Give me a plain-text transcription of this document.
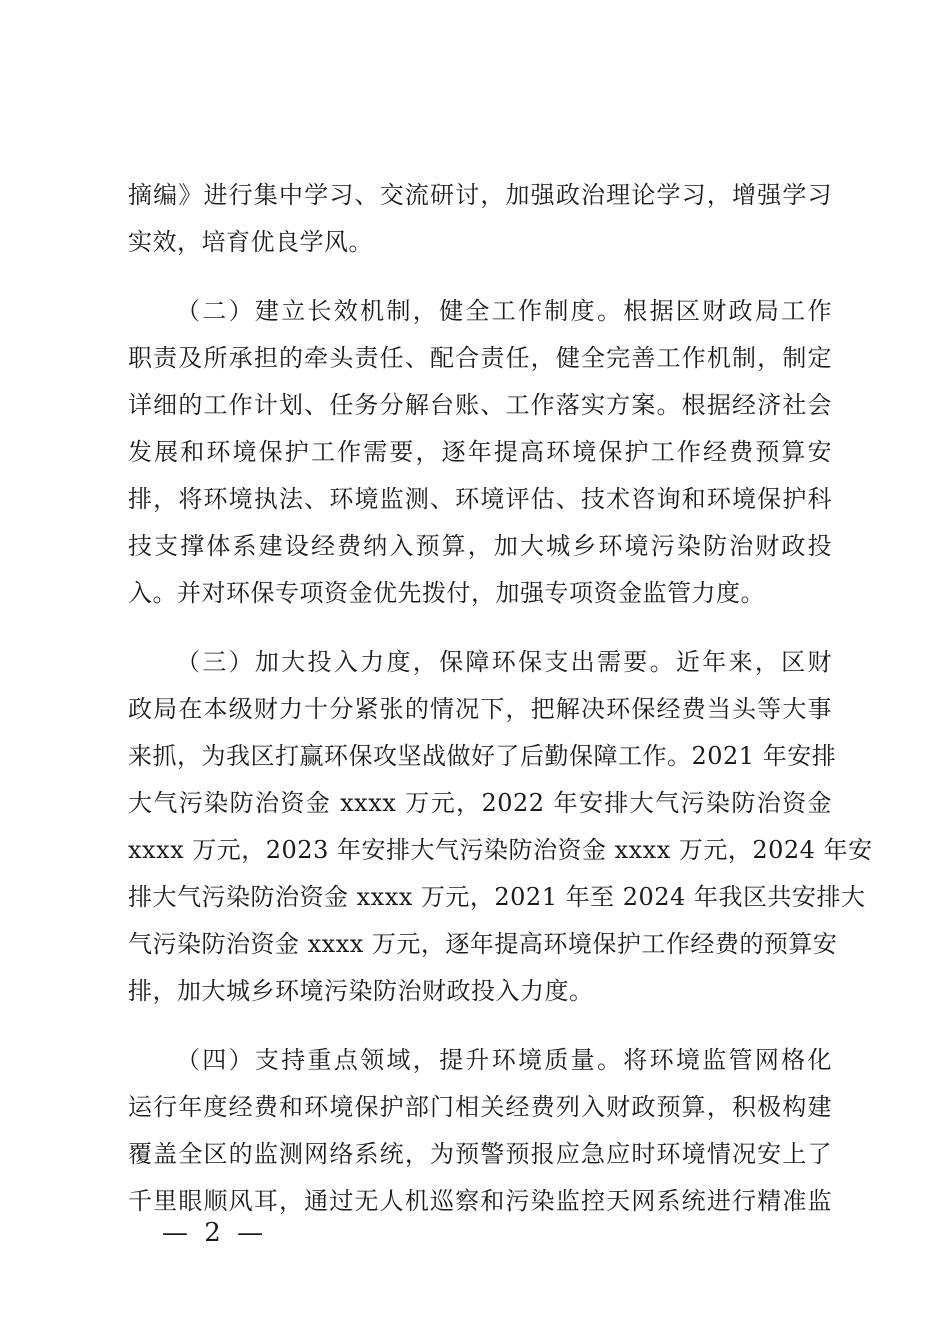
摘编》进行集中学习、交流研讨，加强政治理论学习，增强学习
实效，培育优良学风。

（二）建立长效机制，健全工作制度。根据区财政局工作
职责及所承担的牵头责任、配合责任，健全完善工作机制，制定
详细的工作计划、任务分解台账、工作落实方案。根据经济社会
发展和环境保护工作需要，逐年提高环境保护工作经费预算安
排，将环境执法、环境监测、环境评估、技术咨询和环境保护科
技支撑体系建设经费纳入预算，加大城乡环境污染防治财政投
入。并对环保专项资金优先拨付，加强专项资金监管力度。

（三）加大投入力度，保障环保支出需要。近年来，区财
政局在本级财力十分紧张的情况下，把解决环保经费当头等大事
来抓，为我区打赢环保攻坚战做好了后勤保障工作。2021 年安排
大气污染防治资金 xxxx 万元，2022 年安排大气污染防治资金
xxxx 万元，2023 年安排大气污染防治资金 xxxx 万元，2024 年安
排大气污染防治资金 xxxx 万元，2021 年至 2024 年我区共安排大
气污染防治资金 xxxx 万元，逐年提高环境保护工作经费的预算安
排，加大城乡环境污染防治财政投入力度。

（四）支持重点领域，提升环境质量。将环境监管网格化
运行年度经费和环境保护部门相关经费列入财政预算，积极构建
覆盖全区的监测网络系统，为预警预报应急应时环境情况安上了
千里眼顺风耳，通过无人机巡察和污染监控天网系统进行精准监

— 2 —
